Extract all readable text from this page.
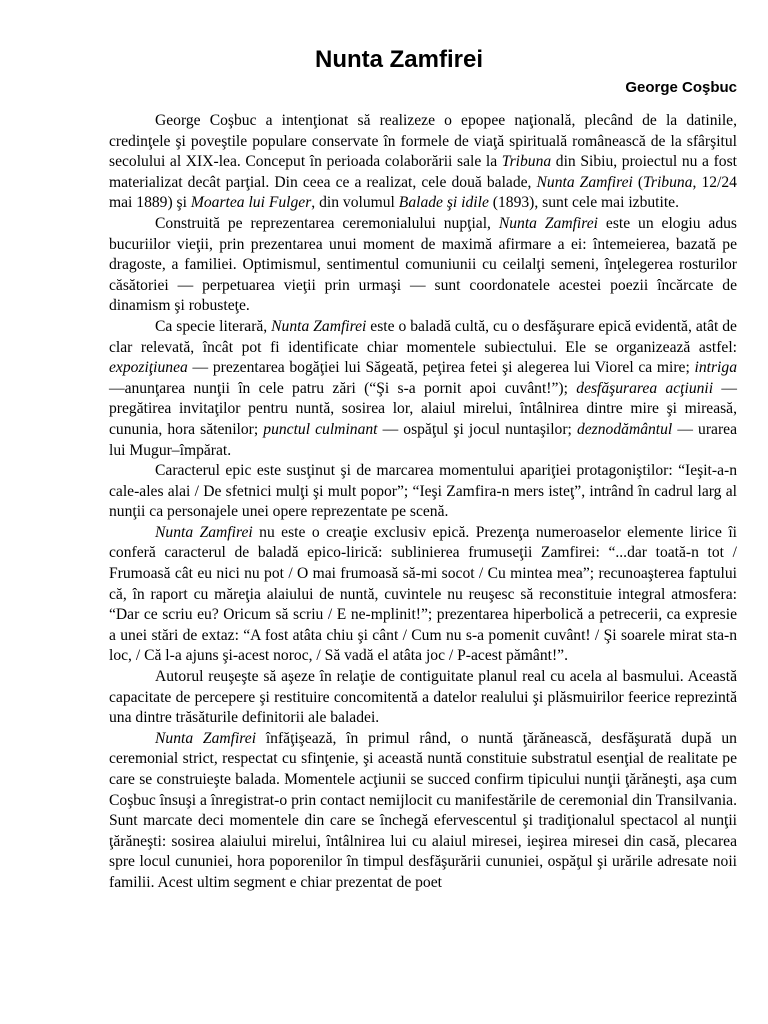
Nunta Zamfirei
George Coşbuc

George Coşbuc a intenţionat să realizeze o epopee naţională, plecând de la datinile, credinţele şi poveştile populare conservate în formele de viaţă spirituală românească de la sfârşitul secolului al XIX-lea. Conceput în perioada colaborării sale la Tribuna din Sibiu, proiectul nu a fost materializat decât parţial. Din ceea ce a realizat, cele două balade, Nunta Zamfirei (Tribuna, 12/24 mai 1889) şi Moartea lui Fulger, din volumul Balade şi idile (1893), sunt cele mai izbutite.

Construită pe reprezentarea ceremonialului nupţial, Nunta Zamfirei este un elogiu adus bucuriilor vieţii, prin prezentarea unui moment de maximă afirmare a ei: întemeierea, bazată pe dragoste, a familiei. Optimismul, sentimentul comuniunii cu ceilalţi semeni, înţelegerea rosturilor căsătoriei — perpetuarea vieţii prin urmaşi — sunt coordonatele acestei poezii încărcate de dinamism şi robusteţe.

Ca specie literară, Nunta Zamfirei este o baladă cultă, cu o desfăşurare epică evidentă, atât de clar relevată, încât pot fi identificate chiar momentele subiectului. Ele se organizează astfel: expoziţiunea — prezentarea bogăţiei lui Săgeată, peţirea fetei şi alegerea lui Viorel ca mire; intriga —anunţarea nunţii în cele patru zări (“Şi s-a pornit apoi cuvânt!”); desfăşurarea acţiunii — pregătirea invitaţilor pentru nuntă, sosirea lor, alaiul mirelui, întâlnirea dintre mire şi mireasă, cununia, hora sătenilor; punctul culminant — ospăţul şi jocul nuntaşilor; deznodământul — urarea lui Mugur–împărat.

Caracterul epic este susţinut şi de marcarea momentului apariţiei protagoniştilor: “Ieşit-a-n cale-ales alai / De sfetnici mulţi şi mult popor”; “Ieşi Zamfira-n mers isteţ”, intrând în cadrul larg al nunţii ca personajele unei opere reprezentate pe scenă.

Nunta Zamfirei nu este o creaţie exclusiv epică. Prezenţa numeroaselor elemente lirice îi conferă caracterul de baladă epico-lirică: sublinierea frumuseţii Zamfirei: “...dar toată-n tot / Frumoasă cât eu nici nu pot / O mai frumoasă să-mi socot / Cu mintea mea”; recunoaşterea faptului că, în raport cu măreţia alaiului de nuntă, cuvintele nu reuşesc să reconstituie integral atmosfera: “Dar ce scriu eu? Oricum să scriu / E ne-mplinit!”; prezentarea hiperbolică a petrecerii, ca expresie a unei stări de extaz: “A fost atâta chiu şi cânt / Cum nu s-a pomenit cuvânt! / Şi soarele mirat sta-n loc, / Că l-a ajuns şi-acest noroc, / Să vadă el atâta joc / P-acest pământ!”.

Autorul reuşeşte să aşeze în relaţie de contiguitate planul real cu acela al basmului. Această capacitate de percepere şi restituire concomitentă a datelor realului şi plăsmuirilor feerice reprezintă una dintre trăsăturile definitorii ale baladei.

Nunta Zamfirei înfăţişează, în primul rând, o nuntă ţărănească, desfăşurată după un ceremonial strict, respectat cu sfinţenie, şi această nuntă constituie substratul esenţial de realitate pe care se construieşte balada. Momentele acţiunii se succed confirm tipicului nunţii ţărăneşti, aşa cum Coşbuc însuşi a înregistrat-o prin contact nemijlocit cu manifestările de ceremonial din Transilvania. Sunt marcate deci momentele din care se închegă efervescentul şi tradiţionalul spectacol al nunţii ţărăneşti: sosirea alaiului mirelui, întâlnirea lui cu alaiul miresei, ieşirea miresei din casă, plecarea spre locul cununiei, hora poporenilor în timpul desfăşurării cununiei, ospăţul şi urările adresate noii familii. Acest ultim segment e chiar prezentat de poet
